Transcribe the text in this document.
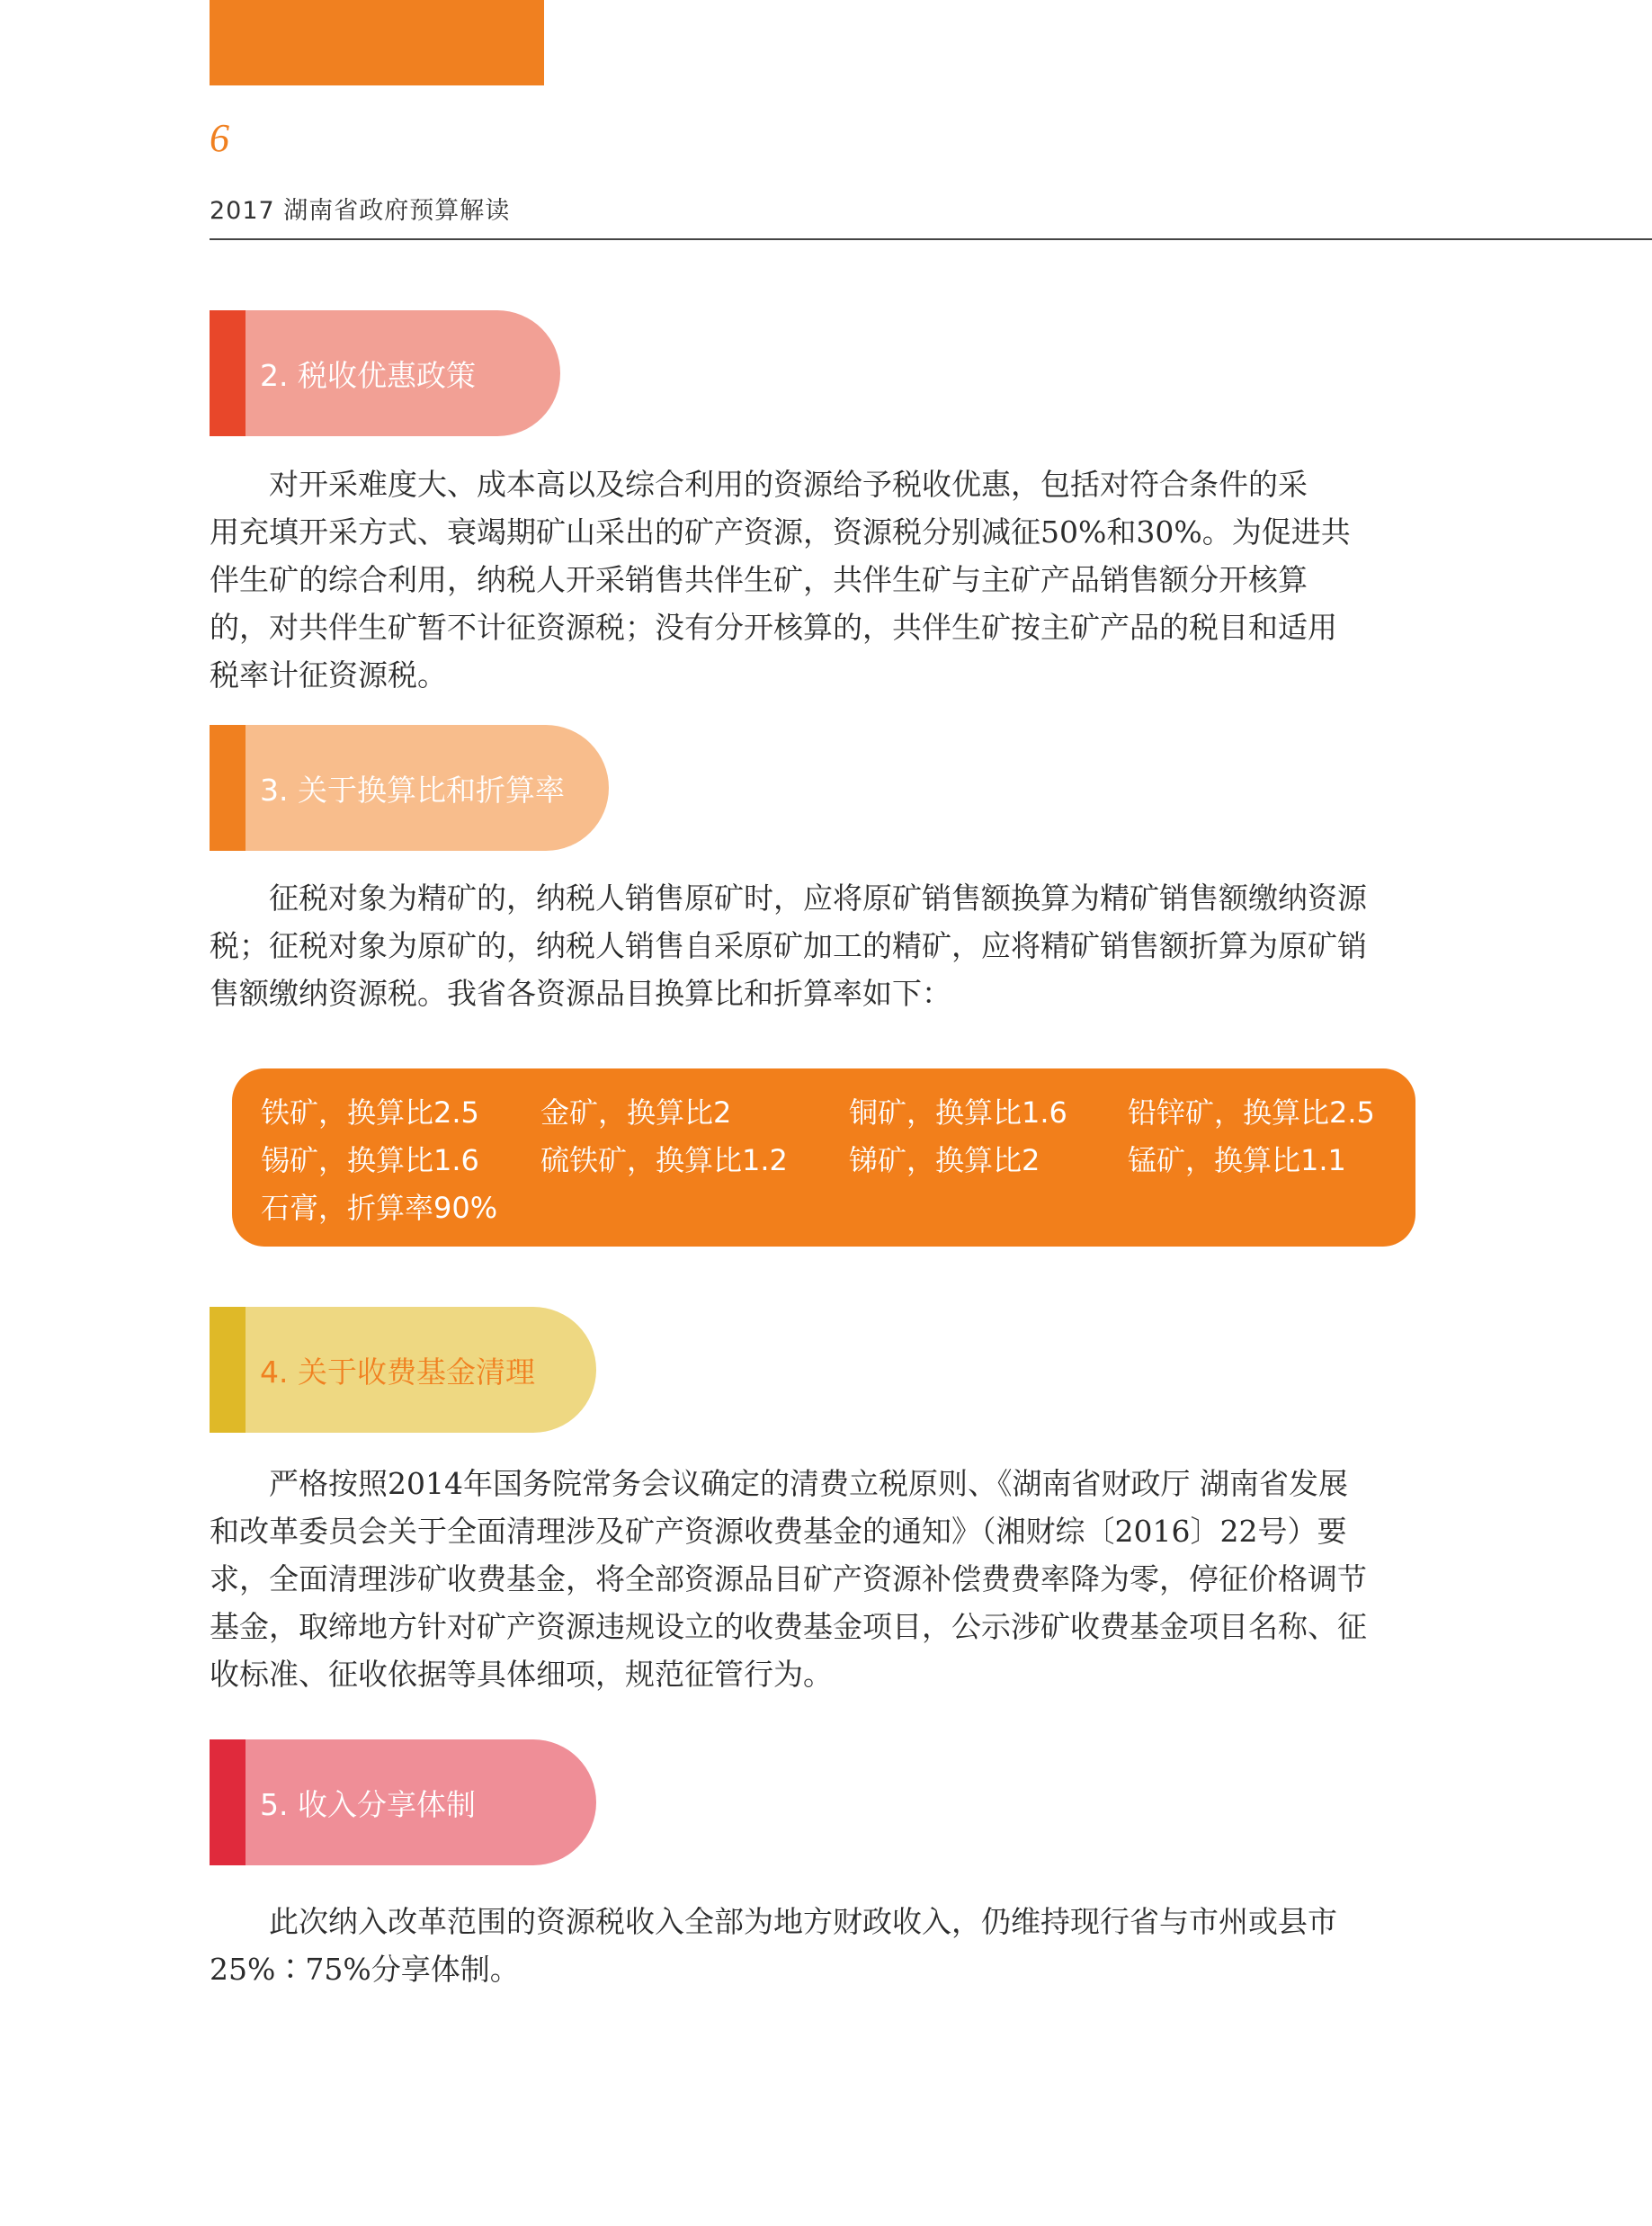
6
2017 湖南省政府预算解读
2. 税收优惠政策
对开采难度大、成本高以及综合利用的资源给予税收优惠，包括对符合条件的采
用充填开采方式、衰竭期矿山采出的矿产资源，资源税分别减征50%和30%。为促进共
伴生矿的综合利用，纳税人开采销售共伴生矿，共伴生矿与主矿产品销售额分开核算
的，对共伴生矿暂不计征资源税；没有分开核算的，共伴生矿按主矿产品的税目和适用
税率计征资源税。
3. 关于换算比和折算率
征税对象为精矿的，纳税人销售原矿时，应将原矿销售额换算为精矿销售额缴纳资源
税；征税对象为原矿的，纳税人销售自采原矿加工的精矿，应将精矿销售额折算为原矿销
售额缴纳资源税。我省各资源品目换算比和折算率如下：
铁矿，换算比2.5 金矿，换算比2	铜矿，换算比1.6 铅锌矿，换算比2.5
锡矿，换算比1.6 硫铁矿，换算比1.2 锑矿，换算比2	锰矿，换算比1.1
石膏，折算率90%
4. 关于收费基金清理
严格按照2014年国务院常务会议确定的清费立税原则、《湖南省财政厅 湖南省发展
和改革委员会关于全面清理涉及矿产资源收费基金的通知》（湘财综〔2016〕22号）要
求，全面清理涉矿收费基金，将全部资源品目矿产资源补偿费费率降为零，停征价格调节
基金，取缔地方针对矿产资源违规设立的收费基金项目，公示涉矿收费基金项目名称、征
收标准、征收依据等具体细项，规范征管行为。
5. 收入分享体制
此次纳入改革范围的资源税收入全部为地方财政收入，仍维持现行省与市州或县市
25%∶75%分享体制。
